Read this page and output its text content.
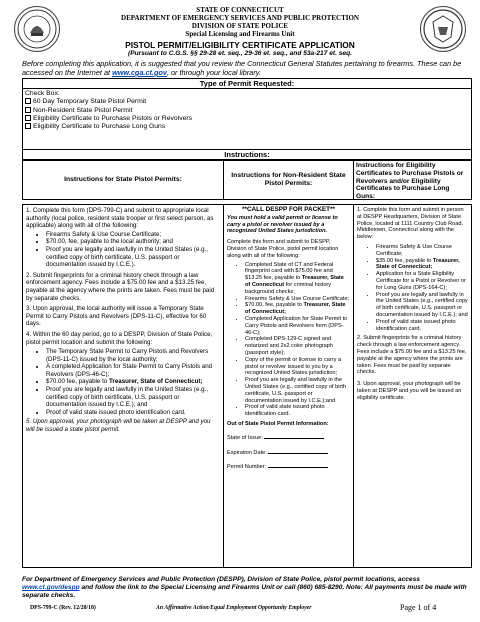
STATE OF CONNECTICUT
DEPARTMENT OF EMERGENCY SERVICES AND PUBLIC PROTECTION
DIVISION OF STATE POLICE
Special Licensing and Firearms Unit
PISTOL PERMIT/ELIGIBILITY CERTIFICATE APPLICATION
(Pursuant to C.G.S. §§ 29-28 et. seq., 29-36 et. seq., and 53a-217 et. seq.
Before completing this application, it is suggested that you review the Connecticut General Statutes pertaining to firearms. These can be accessed on the Internet at www.cga.ct.gov, or through your local library.
Type of Permit Requested:
Check Box:
60 Day Temporary State Pistol Permit
Non-Resident State Pistol Permit
Eligibility Certificate to Purchase Pistols or Revolvers
Eligibility Certificate to Purchase Long Guns
Instructions:
Instructions for State Pistol Permits:
Instructions for Non-Resident State Pistol Permits:
Instructions for Eligibility Certificates to Purchase Pistols or Revolvers and/or Eligibility Certificates to Purchase Long Guns:
1. Complete this form (DPS-799-C) and submit to appropriate local authority (local police, resident state trooper or first select person, as applicable) along with all of the following:
• Firearms Safety & Use Course Certificate;
• $70.00, fee, payable to the local authority; and
• Proof you are legally and lawfully in the United States (e.g., certified copy of birth certificate, U.S. passport or documentation issued by I.C.E.).
2. Submit fingerprints for a criminal history check through a law enforcement agency. Fees include a $75.00 fee and a $13.25 fee, payable at the agency where the prints are taken. Fees must be paid by separate checks.
3. Upon approval, the local authority will issue a Temporary State Permit to Carry Pistols and Revolvers (DPS-11-C), effective for 60 days.
4. Within the 60 day period, go to a DESPP, Division of State Police, pistol permit location and submit the following:
• The Temporary State Permit to Carry Pistols and Revolvers (DPS-11-C) issued by the local authority;
• A completed Application for State Permit to Carry Pistols and Revolvers (DPS-46-C);
• $70.00 fee, payable to Treasurer, State of Connecticut;
• Proof you are legally and lawfully in the United States (e.g., certified copy of birth certificate, U.S. passport or documentation issued by I.C.E.); and
• Proof of valid state issued photo identification card.
5. Upon approval, your photograph will be taken at DESPP and you will be issued a state pistol permit.
**CALL DESPP FOR PACKET**
You must hold a valid permit or license to carry a pistol or revolver issued by a recognized United States jurisdiction.
Complete this form and submit to DESPP, Division of State Police, pistol permit location along with all of the following:
• Completed State of CT and Federal fingerprint card with $75.00 fee and $13.25 fee, payable to Treasurer, State of Connecticut for criminal history background checks;
• Firearms Safety & Use Course Certificate;
• $70.00, fee, payable to Treasurer, State of Connecticut;
• Completed Application for State Permit to Carry Pistols and Revolvers form (DPS-46-C);
• Completed DPS-129-C signed and notarized and 2x2 color photograph (passport style);
• Copy of the permit or license to carry a pistol or revolver issued to you by a recognized United States jurisdiction;
• Proof you are legally and lawfully in the United States (e.g., certified copy of birth certificate, U.S. passport or documentation issued by I.C.E.);and
• Proof of valid state issued photo identification card.
Out of State Pistol Permit Information:
State of Issue:
Expiration Date:
Permit Number:
1. Complete this form and submit in person at DESPP Headquarters, Division of State Police, located at 1111 Country Club Road, Middletown, Connecticut along with the below:
• Firearms Safety & Use Course Certificate;
• $35.00 fee, payable to Treasurer, State of Connecticut;
• Application for a State Eligibility Certificate for a Pistol or Revolver or for Long Guns (DPS-164-C);
• Proof you are legally and lawfully in the United States (e.g., certified copy of birth certificate, U.S. passport or documentation issued by I.C.E.); and
• Proof of valid state issued photo identification card.
2. Submit fingerprints for a criminal history check through a law enforcement agency. Fees include a $75.00 fee and a $13.25 fee, payable at the agency where the prints are taken. Fees must be paid by separate checks.
3. Upon approval, your photograph will be taken at DESPP and you will be issued an eligibility certificate.
For Department of Emergency Services and Public Protection (DESPP), Division of State Police, pistol permit locations, access www.ct.gov/despp and follow the link to the Special Licensing and Firearms Unit or call (860) 685-8290. Note: All payments must be made with separate checks.
DPS-799-C (Rev. 12/28/18)	An Affirmative Action/Equal Employment Opportunity Employer	Page 1 of 4
